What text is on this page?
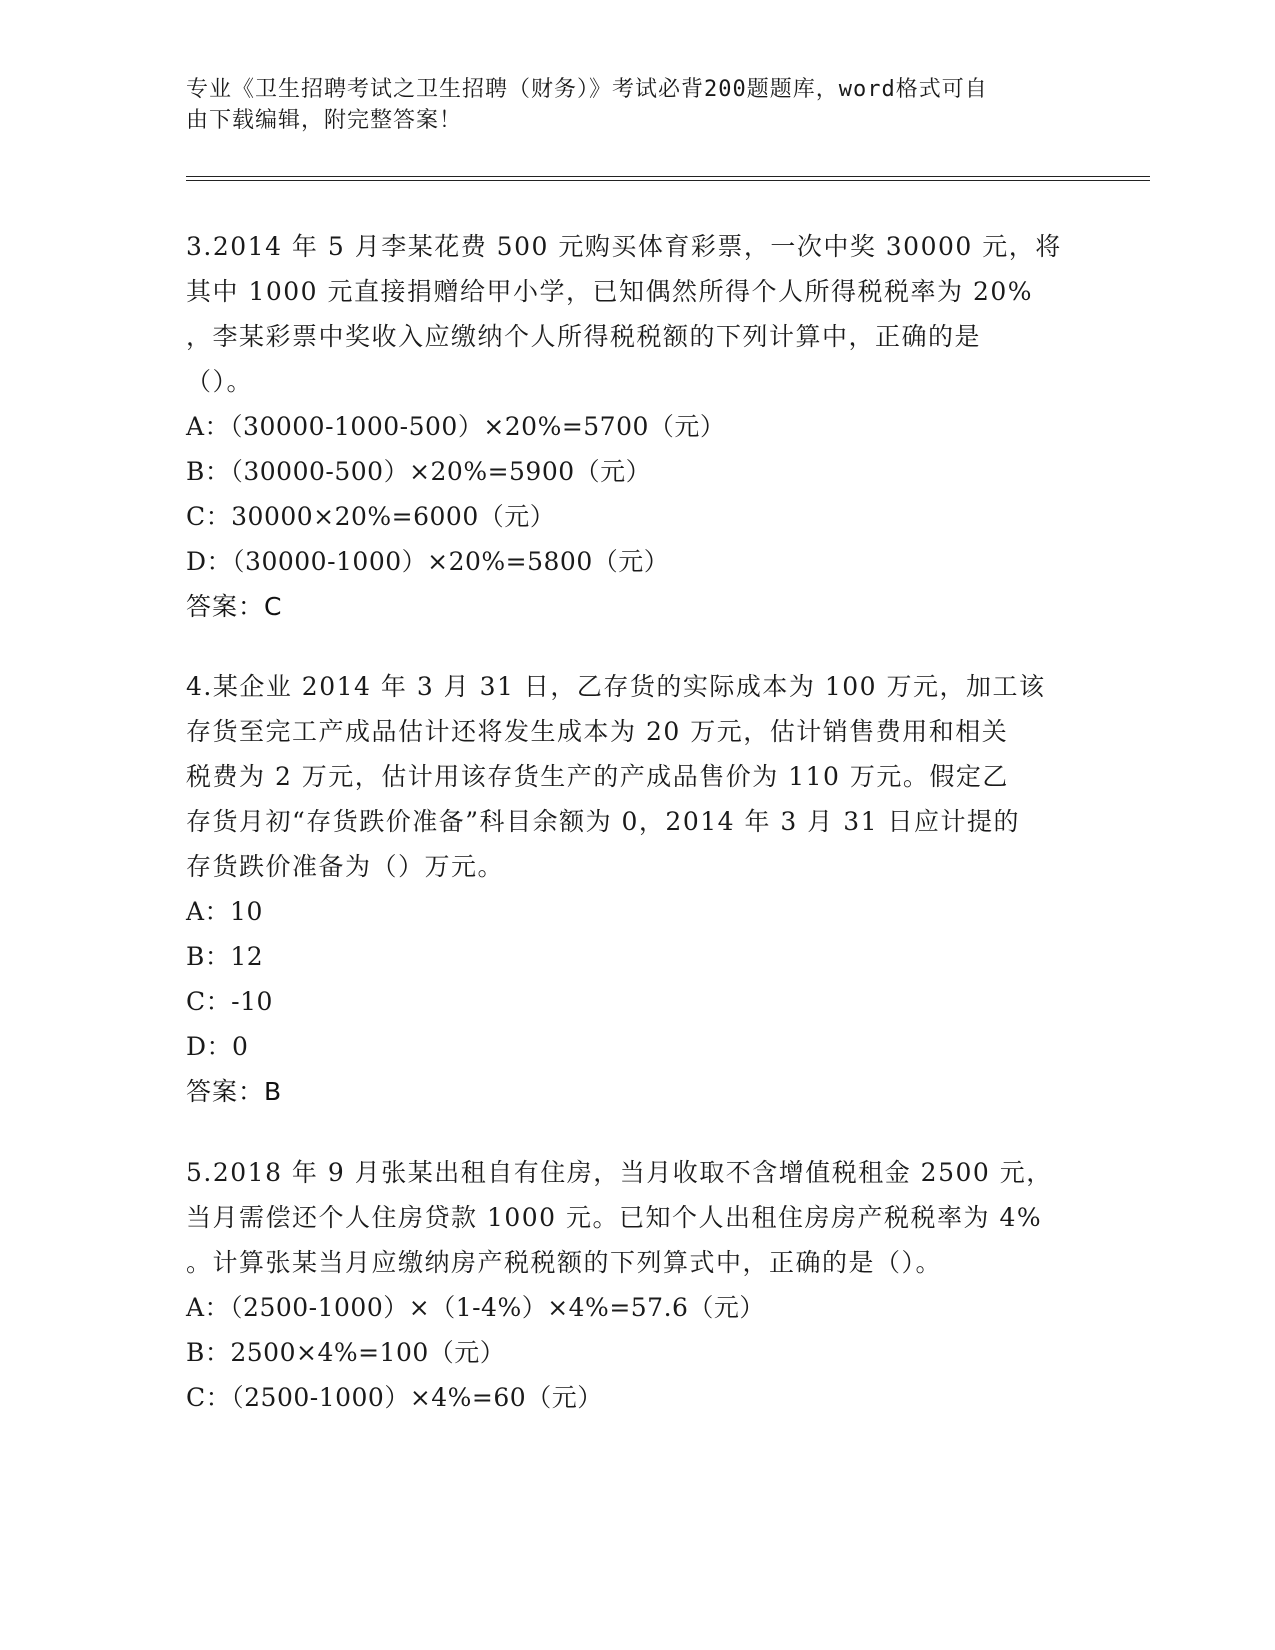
专业《卫生招聘考试之卫生招聘（财务）》考试必背200题题库，word格式可自
由下载编辑，附完整答案！

3.2014 年 5 月李某花费 500 元购买体育彩票，一次中奖 30000 元，将

其中 1000 元直接捐赠给甲小学，已知偶然所得个人所得税税率为 20%

，李某彩票中奖收入应缴纳个人所得税税额的下列计算中，正确的是

（）。

A：（30000-1000-500）×20%=5700（元）

B：（30000-500）×20%=5900（元）

C：30000×20%=6000（元）

D：（30000-1000）×20%=5800（元）

答案：C

4.某企业 2014 年 3 月 31 日，乙存货的实际成本为 100 万元，加工该

存货至完工产成品估计还将发生成本为 20 万元，估计销售费用和相关

税费为 2 万元，估计用该存货生产的产成品售价为 110 万元。假定乙

存货月初“存货跌价准备”科目余额为 0，2014 年 3 月 31 日应计提的

存货跌价准备为（）万元。

A：10

B：12

C：-10

D：0

答案：B

5.2018 年 9 月张某出租自有住房，当月收取不含增值税租金 2500 元，

当月需偿还个人住房贷款 1000 元。已知个人出租住房房产税税率为 4%

。计算张某当月应缴纳房产税税额的下列算式中，正确的是（）。

A：（2500-1000）×（1-4%）×4%=57.6（元）

B：2500×4%=100（元）

C：（2500-1000）×4%=60（元）
